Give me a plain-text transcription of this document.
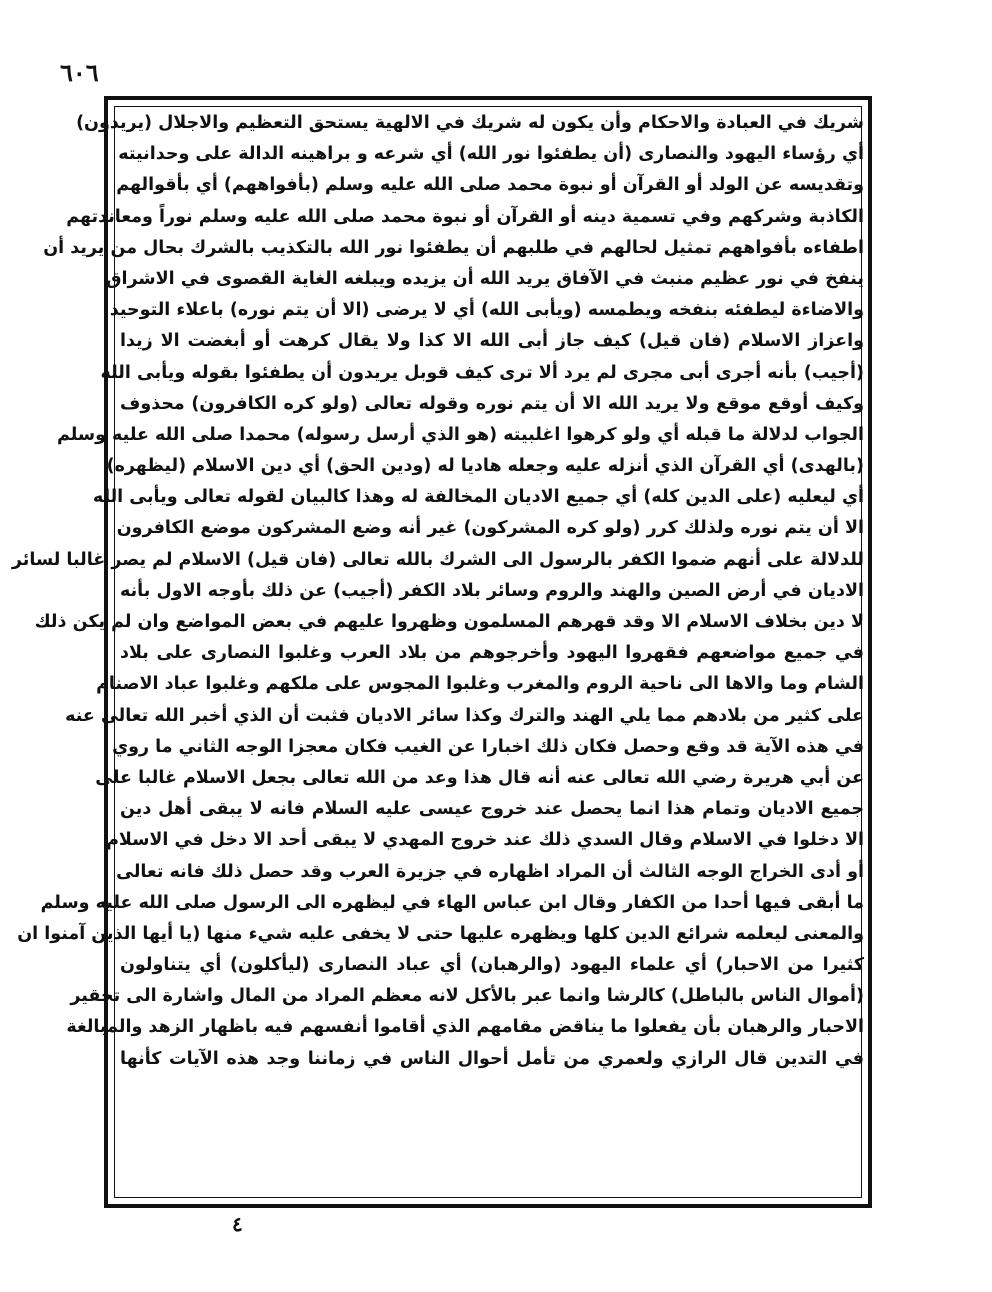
٦٠٦
شريك في العبادة والاحكام وأن يكون له شريك في الالهية يستحق التعظيم والاجلال (يريدون)
أي رؤساء اليهود والنصارى (أن يطفئوا نور الله) أي شرعه و براهينه الدالة على وحدانيته
وتقديسه عن الولد أو القرآن أو نبوة محمد صلى الله عليه وسلم (بأفواههم) أي بأقوالهم
الكاذبة وشركهم وفي تسمية دينه أو القرآن أو نبوة محمد صلى الله عليه وسلم نوراً ومعاندتهم
اطفاءه بأفواههم تمثيل لحالهم في طلبهم أن يطفئوا نور الله بالتكذيب بالشرك بحال من يريد أن
ينفخ في نور عظيم منبث في الآفاق يريد الله أن يزيده ويبلغه الغاية القصوى في الاشراق
والاضاءة ليطفئه بنفخه ويطمسه (ويأبى الله) أي لا يرضى (الا أن يتم نوره) باعلاء التوحيد
واعزاز الاسلام (فان قيل) كيف جاز أبى الله الا كذا ولا يقال كرهت أو أبغضت الا زيدا
(أجيب) بأنه أجرى أبى مجرى لم يرد ألا ترى كيف قوبل يريدون أن يطفئوا بقوله ويأبى الله
وكيف أوقع موقع ولا يريد الله الا أن يتم نوره وقوله تعالى (ولو كره الكافرون) محذوف
الجواب لدلالة ما قبله أي ولو كرهوا اغلبيته (هو الذي أرسل رسوله) محمدا صلى الله عليه وسلم
(بالهدى) أي القرآن الذي أنزله عليه وجعله هاديا له (ودين الحق) أي دين الاسلام (ليظهره)
أي ليعليه (على الدين كله) أي جميع الاديان المخالفة له وهذا كالبيان لقوله تعالى ويأبى الله
الا أن يتم نوره ولذلك كرر (ولو كره المشركون) غير أنه وضع المشركون موضع الكافرون
للدلالة على أنهم ضموا الكفر بالرسول الى الشرك بالله تعالى (فان قيل) الاسلام لم يصر غالبا لسائر
الاديان في أرض الصين والهند والروم وسائر بلاد الكفر (أجيب) عن ذلك بأوجه الاول بأنه
لا دين بخلاف الاسلام الا وقد قهرهم المسلمون وظهروا عليهم في بعض المواضع وان لم يكن ذلك
في جميع مواضعهم فقهروا اليهود وأخرجوهم من بلاد العرب وغلبوا النصارى على بلاد
الشام وما والاها الى ناحية الروم والمغرب وغلبوا المجوس على ملكهم وغلبوا عباد الاصنام
على كثير من بلادهم مما يلي الهند والترك وكذا سائر الاديان فثبت أن الذي أخبر الله تعالى عنه
في هذه الآية قد وقع وحصل فكان ذلك اخبارا عن الغيب فكان معجزا الوجه الثاني ما روي
عن أبي هريرة رضي الله تعالى عنه أنه قال هذا وعد من الله تعالى بجعل الاسلام غالبا على
جميع الاديان وتمام هذا انما يحصل عند خروج عيسى عليه السلام فانه لا يبقى أهل دين
الا دخلوا في الاسلام وقال السدي ذلك عند خروج المهدي لا يبقى أحد الا دخل في الاسلام
أو أدى الخراج الوجه الثالث أن المراد اظهاره في جزيرة العرب وقد حصل ذلك فانه تعالى
ما أبقى فيها أحدا من الكفار وقال ابن عباس الهاء في ليظهره الى الرسول صلى الله عليه وسلم
والمعنى ليعلمه شرائع الدين كلها ويظهره عليها حتى لا يخفى عليه شيء منها (يا أيها الذين آمنوا ان
كثيرا من الاحبار) أي علماء اليهود (والرهبان) أي عباد النصارى (ليأكلون) أي يتناولون
(أموال الناس بالباطل) كالرشا وانما عبر بالأكل لانه معظم المراد من المال واشارة الى تحقير
الاحبار والرهبان بأن يفعلوا ما يناقض مقامهم الذي أقاموا أنفسهم فيه باظهار الزهد والمبالغة
في التدين قال الرازي ولعمري من تأمل أحوال الناس في زماننا وجد هذه الآيات كأنها
٤
